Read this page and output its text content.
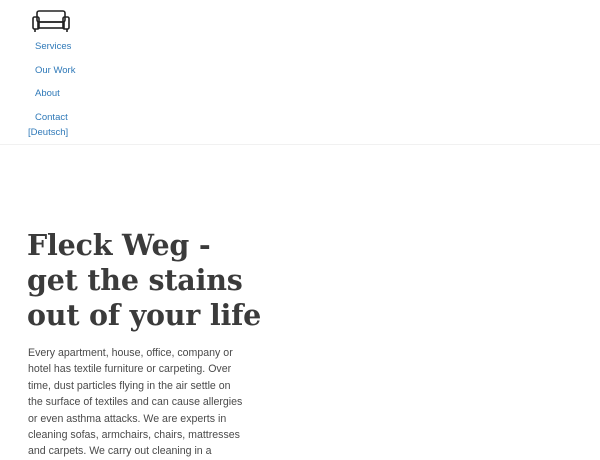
Services
Our Work
About
Contact
[Deutsch]
Fleck Weg - get the stains out of your life

Every apartment, house, office, company or hotel has textile furniture or carpeting. Over time, dust particles flying in the air settle on the surface of textiles and can cause allergies or even asthma attacks. We are experts in cleaning sofas, armchairs, chairs, mattresses and carpets. We carry out cleaning in a
